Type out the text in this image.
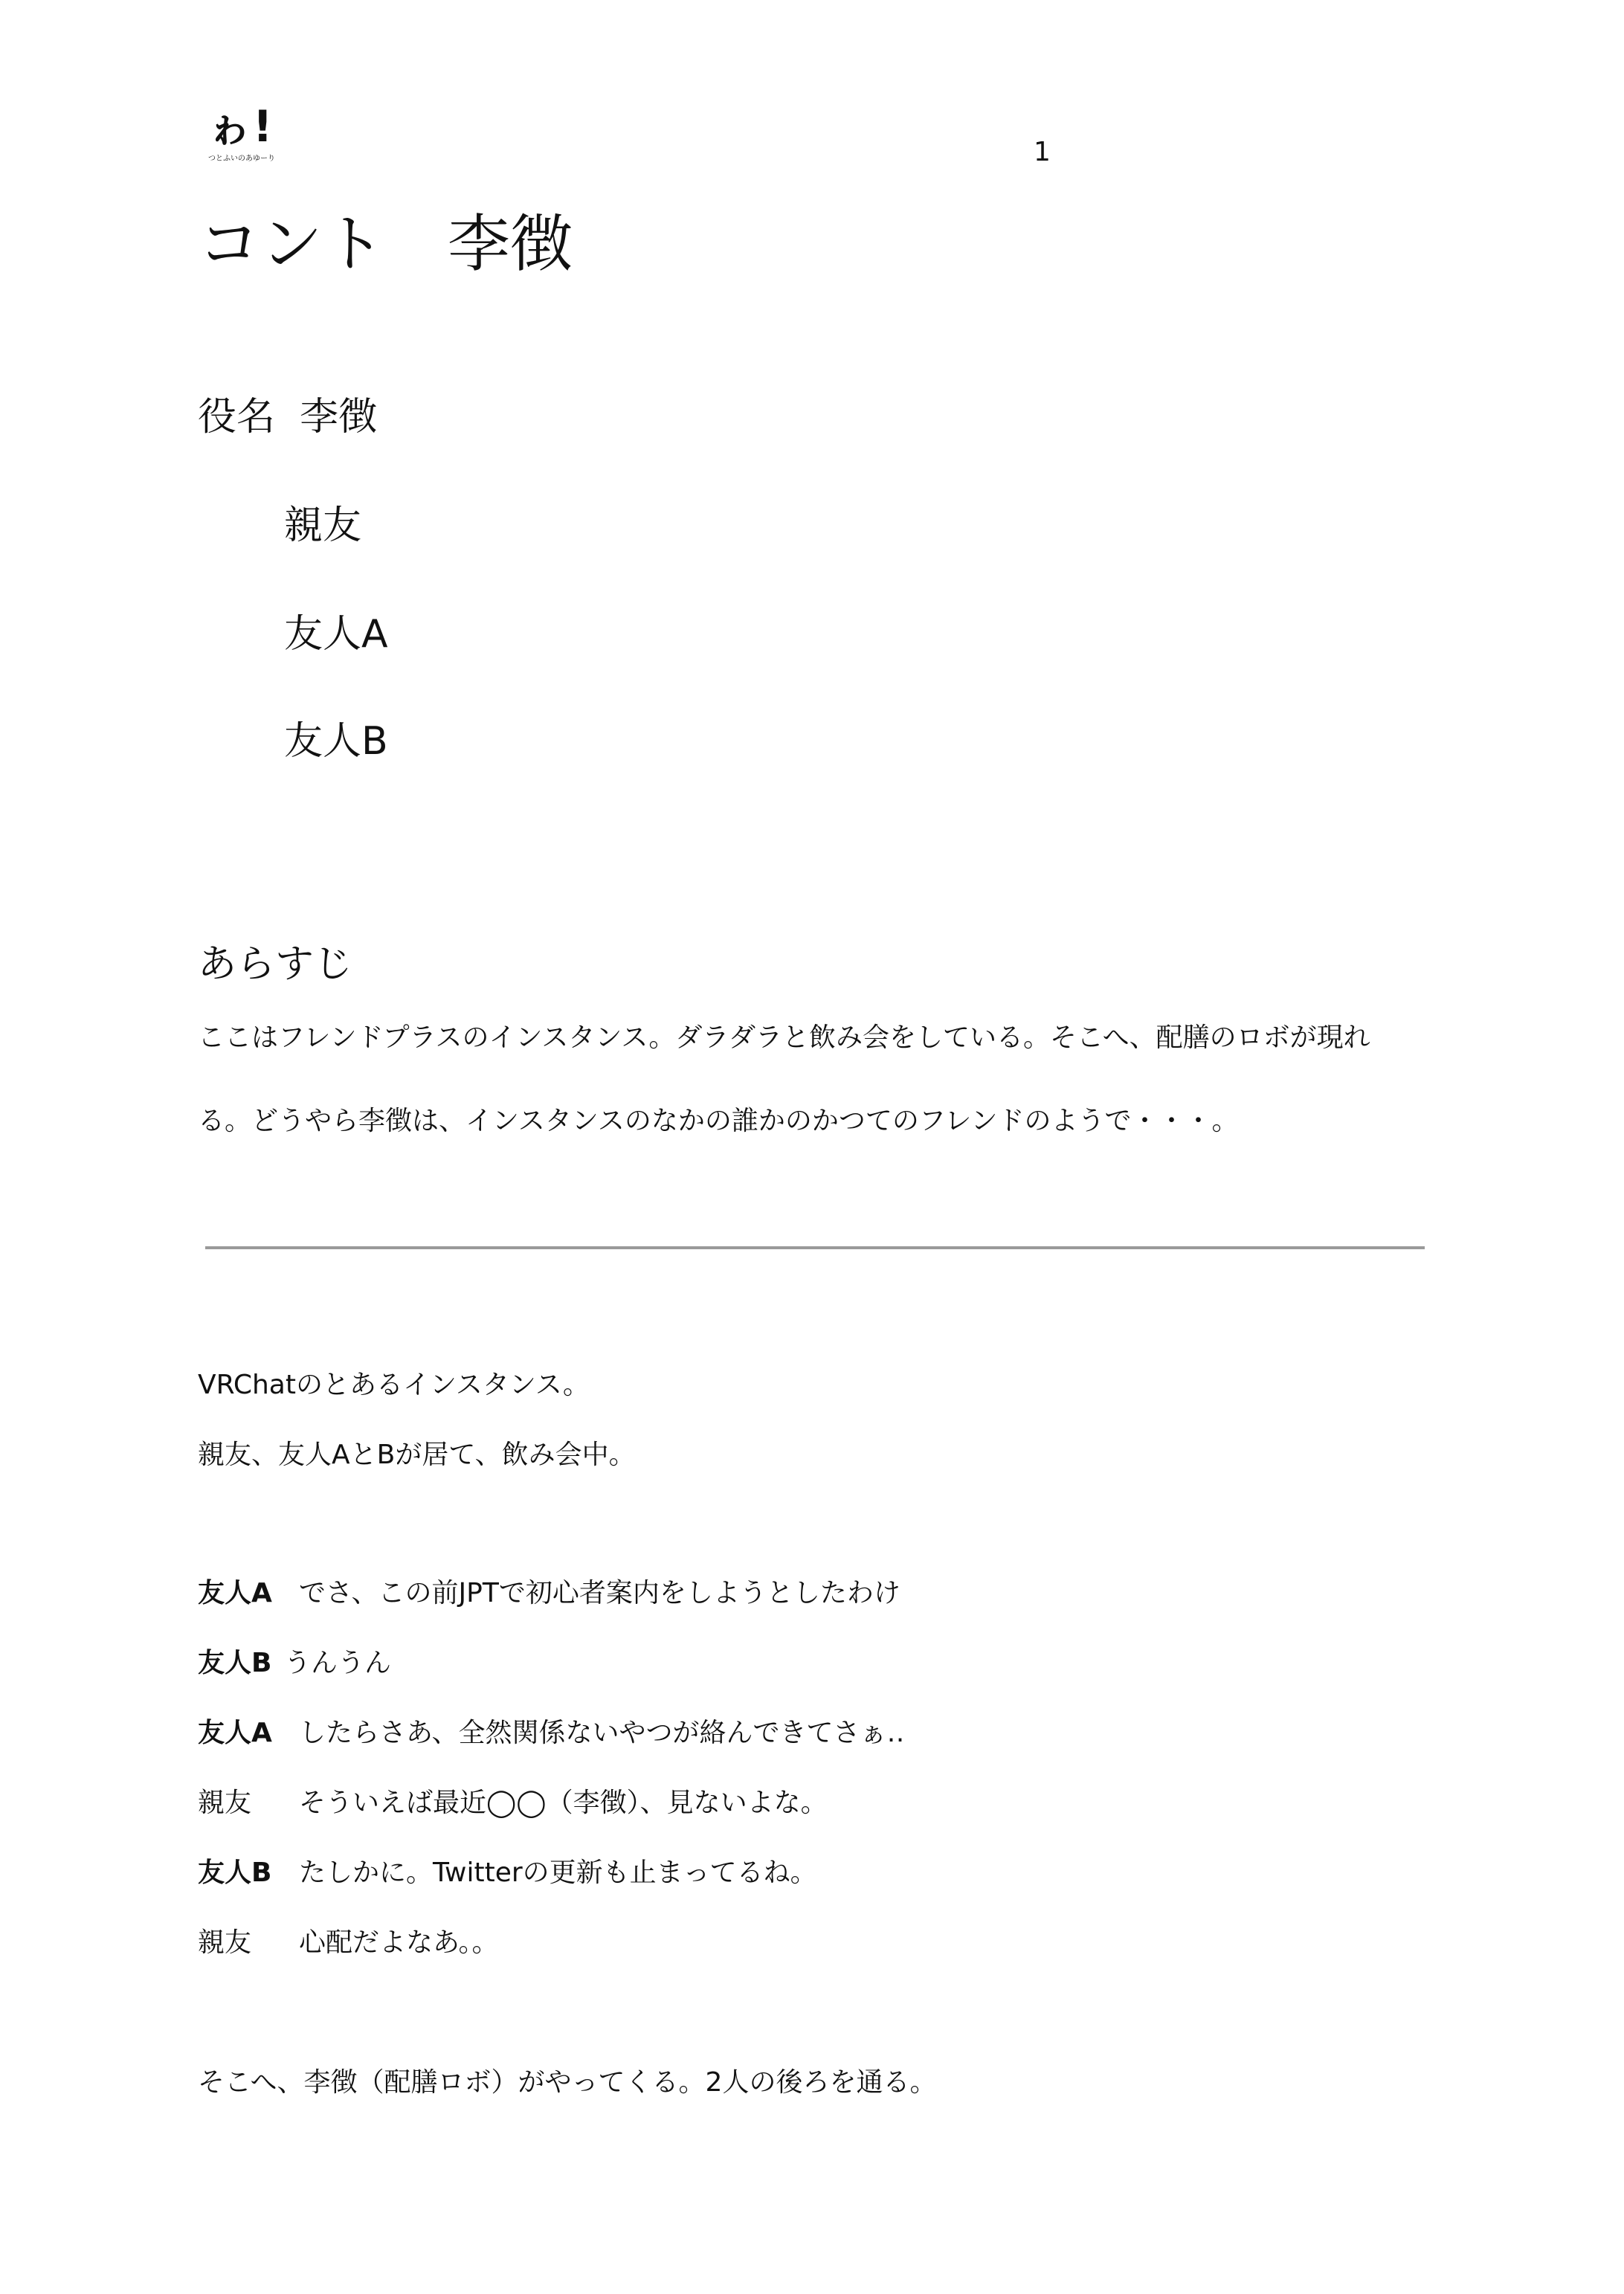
ゎ!
つとふいのあゆーり	1
コント　李徴
役名 李徴
親友
友人A
友人B
あらすじ
ここはフレンドプラスのインスタンス。ダラダラと飲み会をしている。そこへ、配膳のロボが現れる。どうやら李徴は、インスタンスのなかの誰かのかつてのフレンドのようで・・・。
VRChatのとあるインスタンス。
親友、友人AとBが居て、飲み会中。
友人A でさ、この前JPTで初心者案内をしようとしたわけ
友人B うんうん
友人A したらさあ、全然関係ないやつが絡んできてさぁ‥
親友 そういえば最近◯◯（李徴）、見ないよな。
友人B たしかに。Twitterの更新も止まってるね。
親友 心配だよなあ。。
そこへ、李徴（配膳ロボ）がやってくる。2人の後ろを通る。
